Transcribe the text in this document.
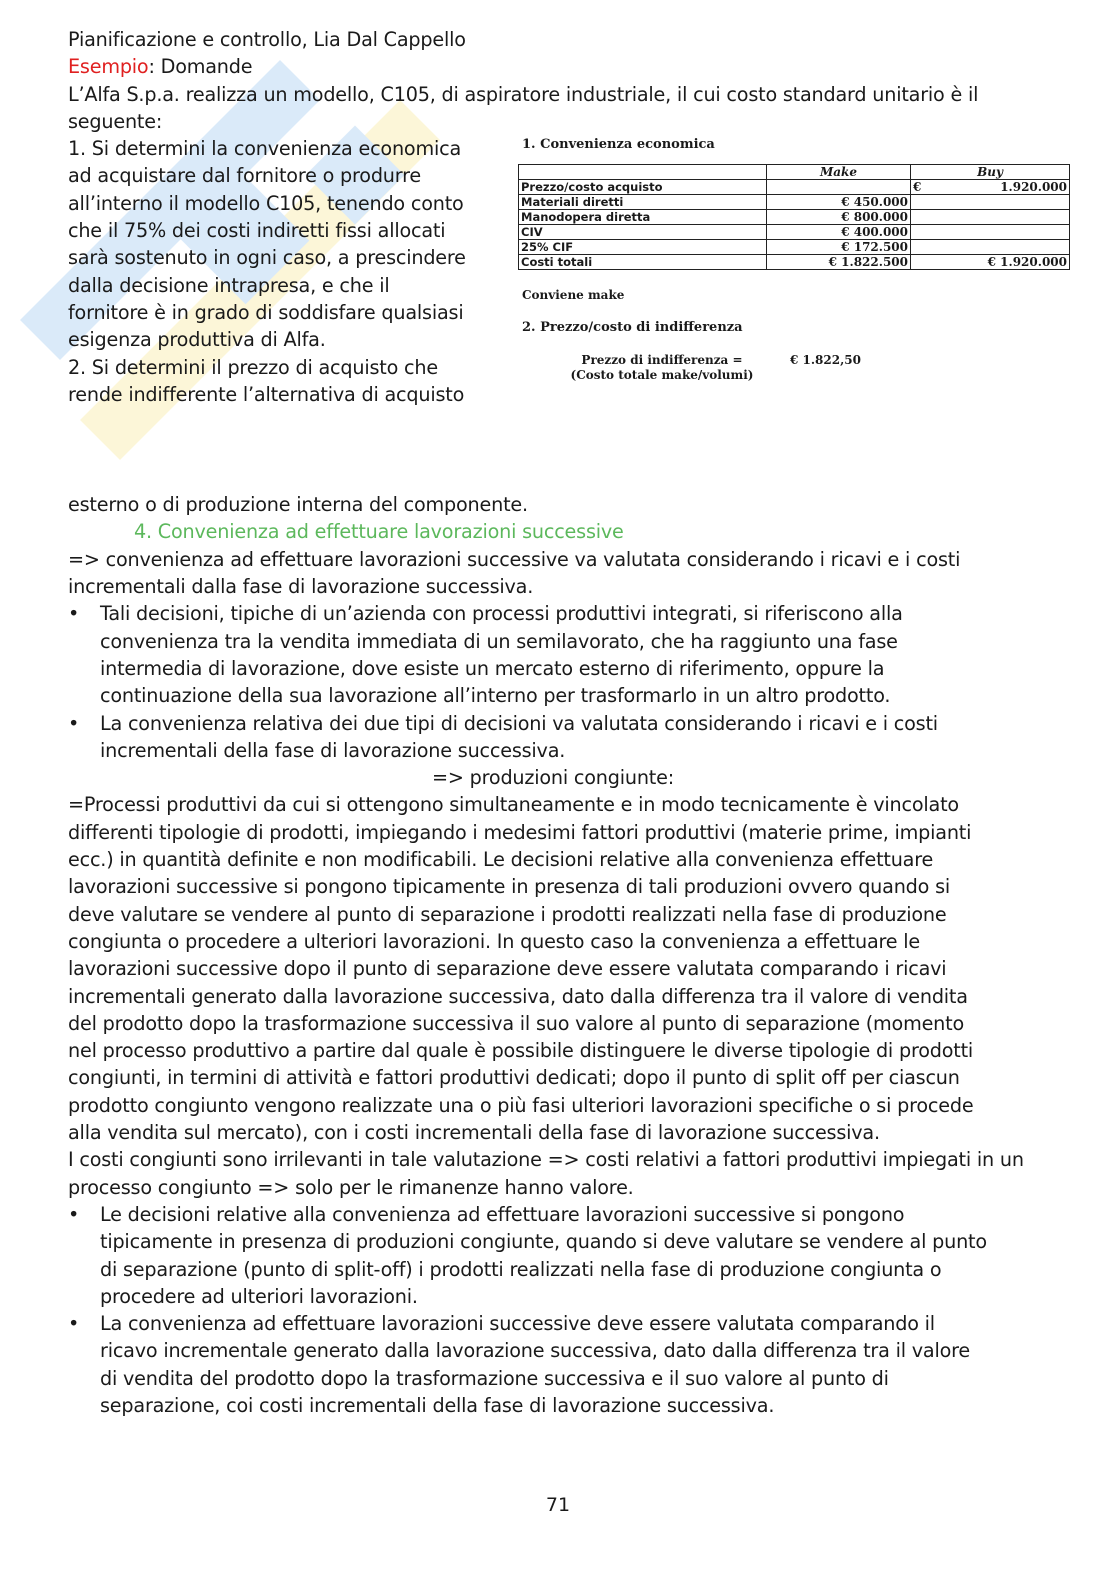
Pianificazione e controllo, Lia Dal Cappello
Esempio: Domande
L’Alfa S.p.a. realizza un modello, C105, di aspiratore industriale, il cui costo standard unitario è il
seguente:
1. Si determini la convenienza economica
ad acquistare dal fornitore o produrre
all’interno il modello C105, tenendo conto
che il 75% dei costi indiretti fissi allocati
sarà sostenuto in ogni caso, a prescindere
dalla decisione intrapresa, e che il
fornitore è in grado di soddisfare qualsiasi
esigenza produttiva di Alfa.
2. Si determini il prezzo di acquisto che
rende indifferente l’alternativa di acquisto
1. Convenienza economica
	Make	Buy
Prezzo/costo acquisto		€ 1.920.000

Materiali diretti	€ 450.000	

Manodopera diretta	€ 800.000	

CIV	€ 400.000	

25% CIF	€ 172.500	

Costi totali	€ 1.822.500	€ 1.920.000
Conviene make
2. Prezzo/costo di indifferenza
Prezzo di indifferenza =
(Costo totale make/volumi)
€ 1.822,50
esterno o di produzione interna del componente.
4. Convenienza ad effettuare lavorazioni successive
=> convenienza ad effettuare lavorazioni successive va valutata considerando i ricavi e i costi
incrementali dalla fase di lavorazione successiva.
•	Tali decisioni, tipiche di un’azienda con processi produttivi integrati, si riferiscono alla
convenienza tra la vendita immediata di un semilavorato, che ha raggiunto una fase
intermedia di lavorazione, dove esiste un mercato esterno di riferimento, oppure la
continuazione della sua lavorazione all’interno per trasformarlo in un altro prodotto.
•	La convenienza relativa dei due tipi di decisioni va valutata considerando i ricavi e i costi
incrementali della fase di lavorazione successiva.
=> produzioni congiunte:
=Processi produttivi da cui si ottengono simultaneamente e in modo tecnicamente è vincolato
differenti tipologie di prodotti, impiegando i medesimi fattori produttivi (materie prime, impianti
ecc.) in quantità definite e non modificabili. Le decisioni relative alla convenienza effettuare
lavorazioni successive si pongono tipicamente in presenza di tali produzioni ovvero quando si
deve valutare se vendere al punto di separazione i prodotti realizzati nella fase di produzione
congiunta o procedere a ulteriori lavorazioni. In questo caso la convenienza a effettuare le
lavorazioni successive dopo il punto di separazione deve essere valutata comparando i ricavi
incrementali generato dalla lavorazione successiva, dato dalla differenza tra il valore di vendita
del prodotto dopo la trasformazione successiva il suo valore al punto di separazione (momento
nel processo produttivo a partire dal quale è possibile distinguere le diverse tipologie di prodotti
congiunti, in termini di attività e fattori produttivi dedicati; dopo il punto di split off per ciascun
prodotto congiunto vengono realizzate una o più fasi ulteriori lavorazioni specifiche o si procede
alla vendita sul mercato), con i costi incrementali della fase di lavorazione successiva.
I costi congiunti sono irrilevanti in tale valutazione => costi relativi a fattori produttivi impiegati in un
processo congiunto => solo per le rimanenze hanno valore.
•	Le decisioni relative alla convenienza ad effettuare lavorazioni successive si pongono
tipicamente in presenza di produzioni congiunte, quando si deve valutare se vendere al punto
di separazione (punto di split-off) i prodotti realizzati nella fase di produzione congiunta o
procedere ad ulteriori lavorazioni.
•	La convenienza ad effettuare lavorazioni successive deve essere valutata comparando il
ricavo incrementale generato dalla lavorazione successiva, dato dalla differenza tra il valore
di vendita del prodotto dopo la trasformazione successiva e il suo valore al punto di
separazione, coi costi incrementali della fase di lavorazione successiva.
71
